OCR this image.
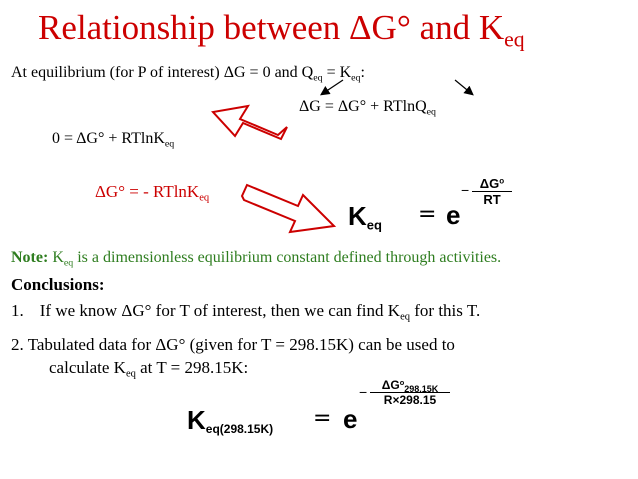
Relationship between ΔG° and $K_{eq}$
At equilibrium (for P of interest) ΔG = 0 and $Q_{eq} = K_{eq}$:
ΔG = ΔG° + RTlnQ$_{eq}$
0 = ΔG° + RTlnK$_{eq}$
ΔG° = - RTlnK$_{eq}$
$K_{eq} = e$
− $\Delta G^o$
RT
Note: $K_{eq}$ is a dimensionless equilibrium constant defined through activities.
Conclusions:
1. If we know ΔG° for T of interest, then we can find $K_{eq}$ for this T.
2. Tabulated data for ΔG° (given for T = 298.15K) can be used to
calculate $K_{eq}$ at T = 298.15K:
$K_{eq(298.15K)} = e$
−	$\Delta G^o_{298.15K}$
R×298.15
